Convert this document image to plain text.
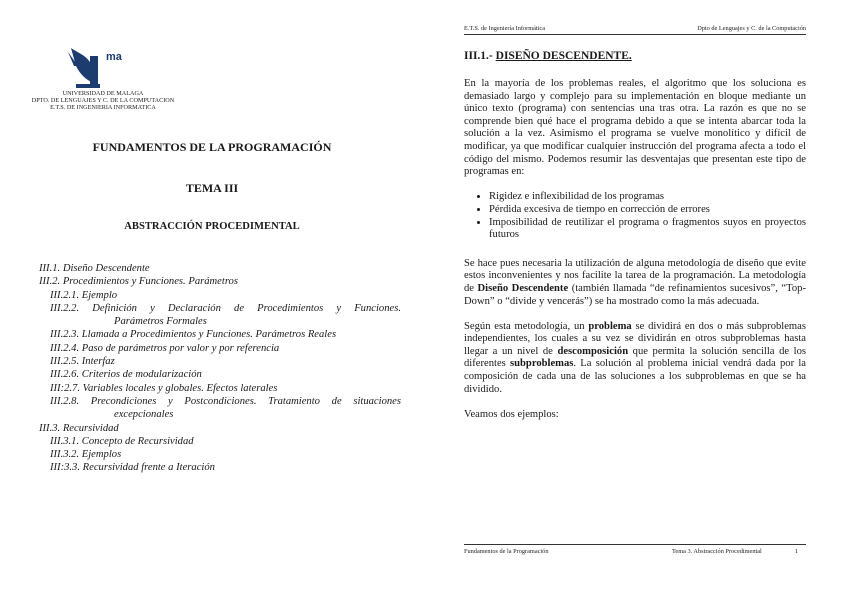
ma
UNIVERSIDAD DE MALAGA
DPTO. DE LENGUAJES Y C. DE LA COMPUTACION
E.T.S. DE INGENIERIA INFORMATICA
FUNDAMENTOS DE LA PROGRAMACIÓN
TEMA III
ABSTRACCIÓN PROCEDIMENTAL
III.1. Diseño Descendente
III.2. Procedimientos y Funciones. Parámetros
III.2.1. Ejemplo
III.2.2. Definición y Declaración de Procedimientos y Funciones.
Parámetros Formales
III.2.3. Llamada a Procedimientos y Funciones. Parámetros Reales
III.2.4. Paso de parámetros por valor y por referencia
III.2.5. Interfaz
III.2.6. Criterios de modularización
III:2.7. Variables locales y globales. Efectos laterales
III.2.8. Precondiciones y Postcondiciones. Tratamiento de situaciones
excepcionales
III.3. Recursividad
III.3.1. Concepto de Recursividad
III.3.2. Ejemplos
III:3.3. Recursividad frente a Iteración
E.T.S. de Ingeniería Informática	Dpto de Lenguajes y C. de la Computación
III.1.- DISEÑO DESCENDENTE.

En la mayoría de los problemas reales, el algoritmo que los soluciona es demasiado largo y complejo para su implementación en bloque mediante un único texto (programa) con sentencias una tras otra. La razón es que no se comprende bien qué hace el programa debido a que se intenta abarcar toda la solución a la vez. Asimismo el programa se vuelve monolítico y difícil de modificar, ya que modificar cualquier instrucción del programa afecta a todo el código del mismo. Podemos resumir las desventajas que presentan este tipo de programas en:

• Rigidez e inflexibilidad de los programas
• Pérdida excesiva de tiempo en corrección de errores
• Imposibilidad de reutilizar el programa o fragmentos suyos en proyectos futuros

Se hace pues necesaria la utilización de alguna metodología de diseño que evite estos inconvenientes y nos facilite la tarea de la programación. La metodología de Diseño Descendente (también llamada “de refinamientos sucesivos”, “Top-Down” o “divide y vencerás”) se ha mostrado como la más adecuada.

Según esta metodología, un problema se dividirá en dos o más subproblemas independientes, los cuales a su vez se dividirán en otros subproblemas hasta llegar a un nivel de descomposición que permita la solución sencilla de los diferentes subproblemas. La solución al problema inicial vendrá dada por la composición de cada una de las soluciones a los subproblemas en que se ha dividido.

Veamos dos ejemplos:

Fundamentos de la Programación	Tema 3. Abstracción Procedimental	1
